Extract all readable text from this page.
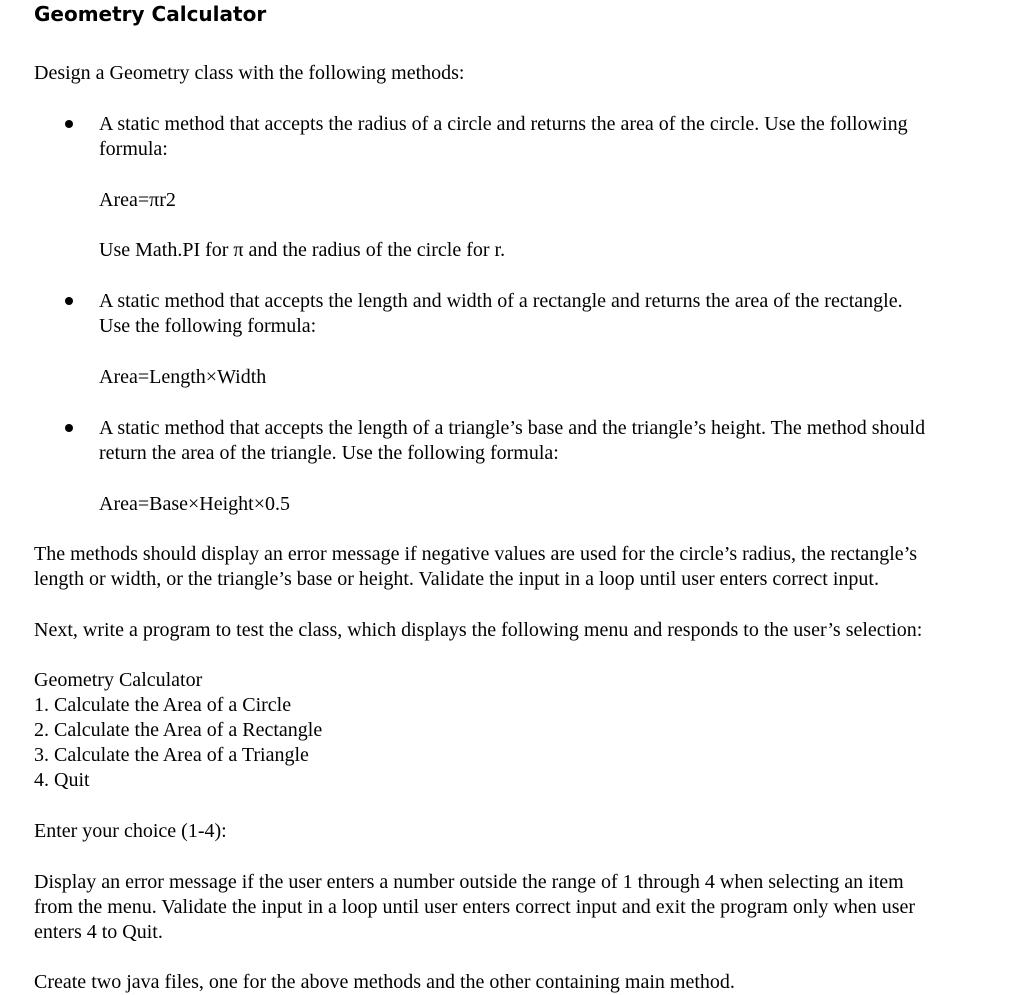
Geometry Calculator
Design a Geometry class with the following methods:
A static method that accepts the radius of a circle and returns the area of the circle. Use the following
formula:
Area=πr2
Use Math.PI for π and the radius of the circle for r.
A static method that accepts the length and width of a rectangle and returns the area of the rectangle.
Use the following formula:
Area=Length×Width
A static method that accepts the length of a triangle’s base and the triangle’s height. The method should
return the area of the triangle. Use the following formula:
Area=Base×Height×0.5
The methods should display an error message if negative values are used for the circle’s radius, the rectangle’s
length or width, or the triangle’s base or height. Validate the input in a loop until user enters correct input.
Next, write a program to test the class, which displays the following menu and responds to the user’s selection:
Geometry Calculator
1. Calculate the Area of a Circle
2. Calculate the Area of a Rectangle
3. Calculate the Area of a Triangle
4. Quit
Enter your choice (1-4):
Display an error message if the user enters a number outside the range of 1 through 4 when selecting an item
from the menu. Validate the input in a loop until user enters correct input and exit the program only when user
enters 4 to Quit.
Create two java files, one for the above methods and the other containing main method.
